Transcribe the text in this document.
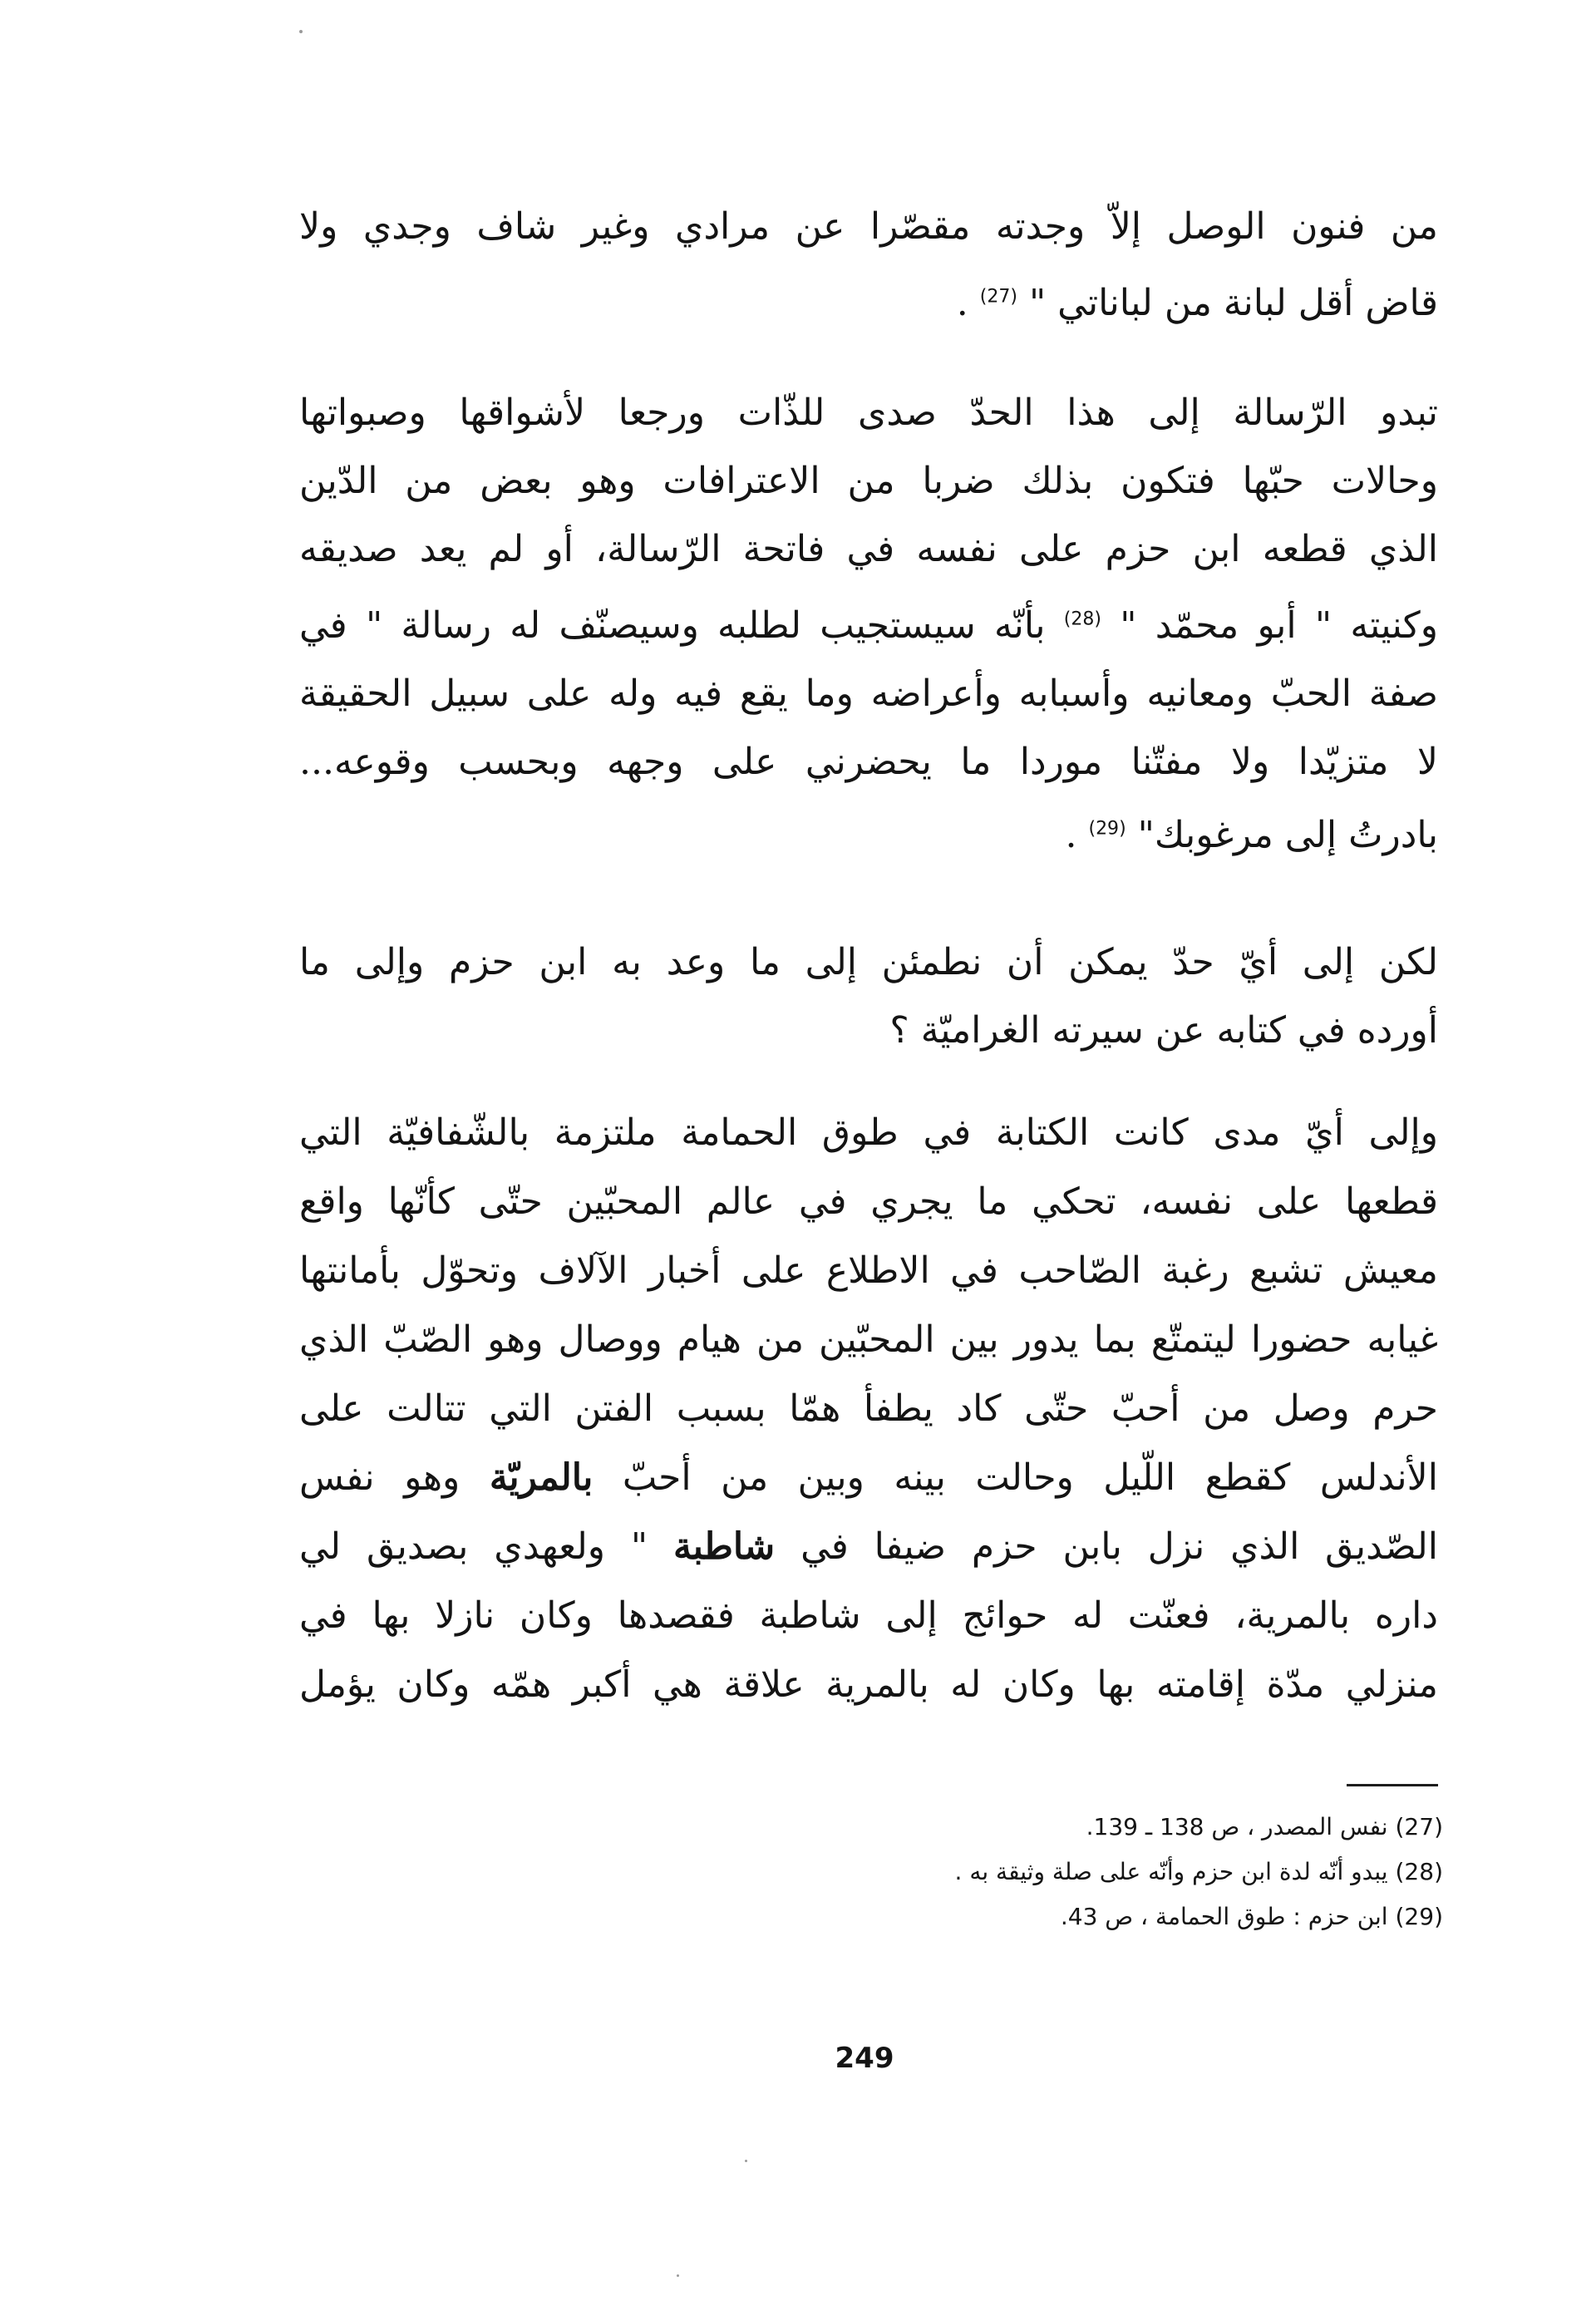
من فنون الوصل إلاّ وجدته مقصّرا عن مرادي وغير شاف وجدي ولا
قاض أقل لبانة من لباناتي " $^{(27)}$ .
تبدو الرّسالة إلى هذا الحدّ صدى للذّات ورجعا لأشواقها وصبواتها
وحالات حبّها فتكون بذلك ضربا من الاعترافات وهو بعض من الدّين
الذي قطعه ابن حزم على نفسه في فاتحة الرّسالة، أو لم يعد صديقه
وكنيته " أبو محمّد " $^{(28)}$ بأنّه سيستجيب لطلبه وسيصنّف له رسالة " في
صفة الحبّ ومعانيه وأسبابه وأعراضه وما يقع فيه وله على سبيل الحقيقة
لا متزيّدا ولا مفتّنا موردا ما يحضرني على وجهه وبحسب وقوعه...
بادرتُ إلى مرغوبك" $^{(29)}$ .
لكن إلى أيّ حدّ يمكن أن نطمئن إلى ما وعد به ابن حزم وإلى ما
أورده في كتابه عن سيرته الغراميّة ؟
وإلى أيّ مدى كانت الكتابة في طوق الحمامة ملتزمة بالشّفافيّة التي
قطعها على نفسه، تحكي ما يجري في عالم المحبّين حتّى كأنّها واقع
معيش تشبع رغبة الصّاحب في الاطلاع على أخبار الآلاف وتحوّل بأمانتها
غيابه حضورا ليتمتّع بما يدور بين المحبّين من هيام ووصال وهو الصّبّ الذي
حرم وصل من أحبّ حتّى كاد يطفأ همّا بسبب الفتن التي تتالت على
الأندلس كقطع اللّيل وحالت بينه وبين من أحبّ بالمريّة وهو نفس
الصّديق الذي نزل بابن حزم ضيفا في شاطبة " ولعهدي بصديق لي
داره بالمرية، فعنّت له حوائج إلى شاطبة فقصدها وكان نازلا بها في
منزلي مدّة إقامته بها وكان له بالمرية علاقة هي أكبر همّه وكان يؤمل
(27) نفس المصدر ، ص 138 ـ 139.
(28) يبدو أنّه لدة ابن حزم وأنّه على صلة وثيقة به .
(29) ابن حزم : طوق الحمامة ، ص 43.
249
